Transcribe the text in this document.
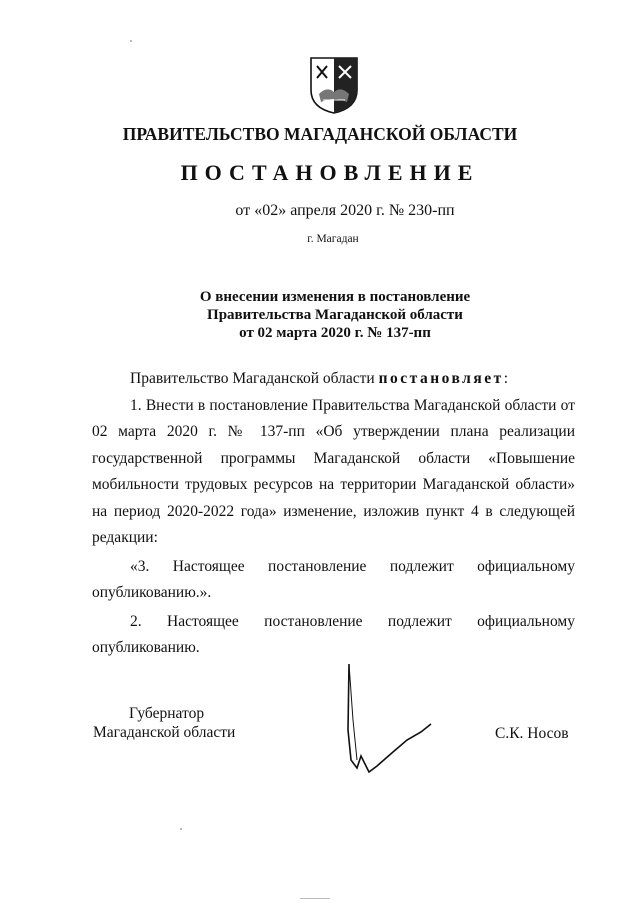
ПРАВИТЕЛЬСТВО МАГАДАНСКОЙ ОБЛАСТИ
ПОСТАНОВЛЕНИЕ
от «02» апреля 2020 г. № 230-пп
г. Магадан
О внесении изменения в постановление
Правительства Магаданской области
от 02 марта 2020 г. № 137-пп

Правительство Магаданской области постановляет:

1. Внести в постановление Правительства Магаданской области от 02 марта 2020 г. № 137-пп «Об утверждении плана реализации государственной программы Магаданской области «Повышение мобильности трудовых ресурсов на территории Магаданской области» на период 2020-2022 года» изменение, изложив пункт 4 в следующей редакции:

«3. Настоящее постановление подлежит официальному опубликованию.».

2. Настоящее постановление подлежит официальному опубликованию.

Губернатор
Магаданской области	С.К. Носов
